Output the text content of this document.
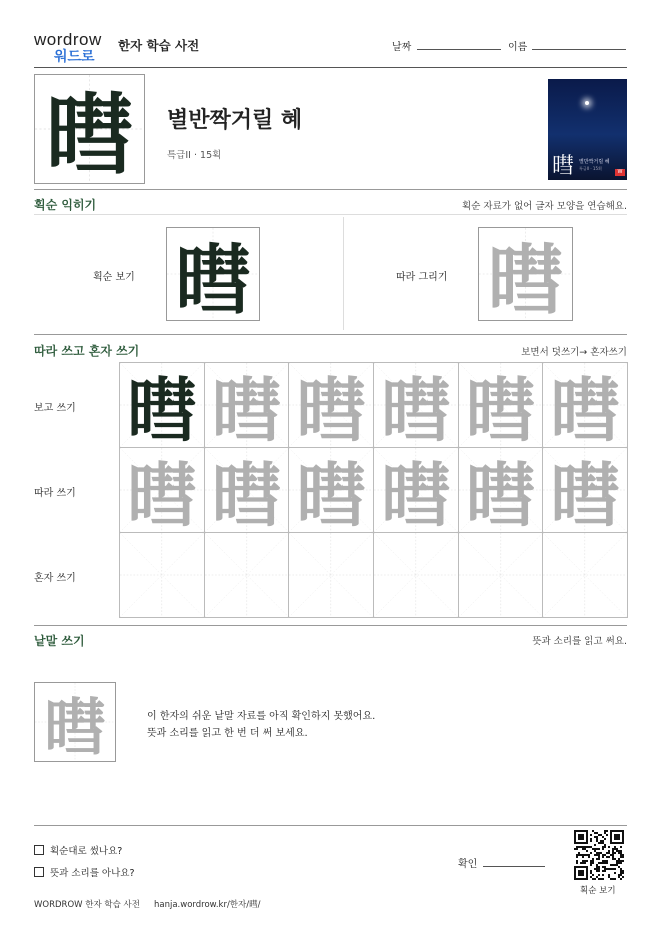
wordrow
워드로
한자 학습 사전	날짜	이름
暳	별반짝거릴 혜
특급II · 15획	暳 별반짝거릴 혜
특급II · 15획
W
획순 익히기	획순 자료가 없어 글자 모양을 연습해요.
획순 보기 暳	따라 그리기 暳
따라 쓰고 혼자 쓰기	보면서 덧쓰기→ 혼자쓰기
보고 쓰기
따라 쓰기
혼자 쓰기
暳 暳 暳 暳 暳 暳
暳 暳 暳 暳 暳 暳
낱말 쓰기	뜻과 소리를 읽고 써요.
暳	이 한자의 쉬운 낱말 자료를 아직 확인하지 못했어요.
뜻과 소리를 읽고 한 번 더 써 보세요.
획순대로 썼나요?
뜻과 소리를 아나요?
확인
획순 보기
WORDROW 한자 학습 사전 hanja.wordrow.kr/한자/暳/
